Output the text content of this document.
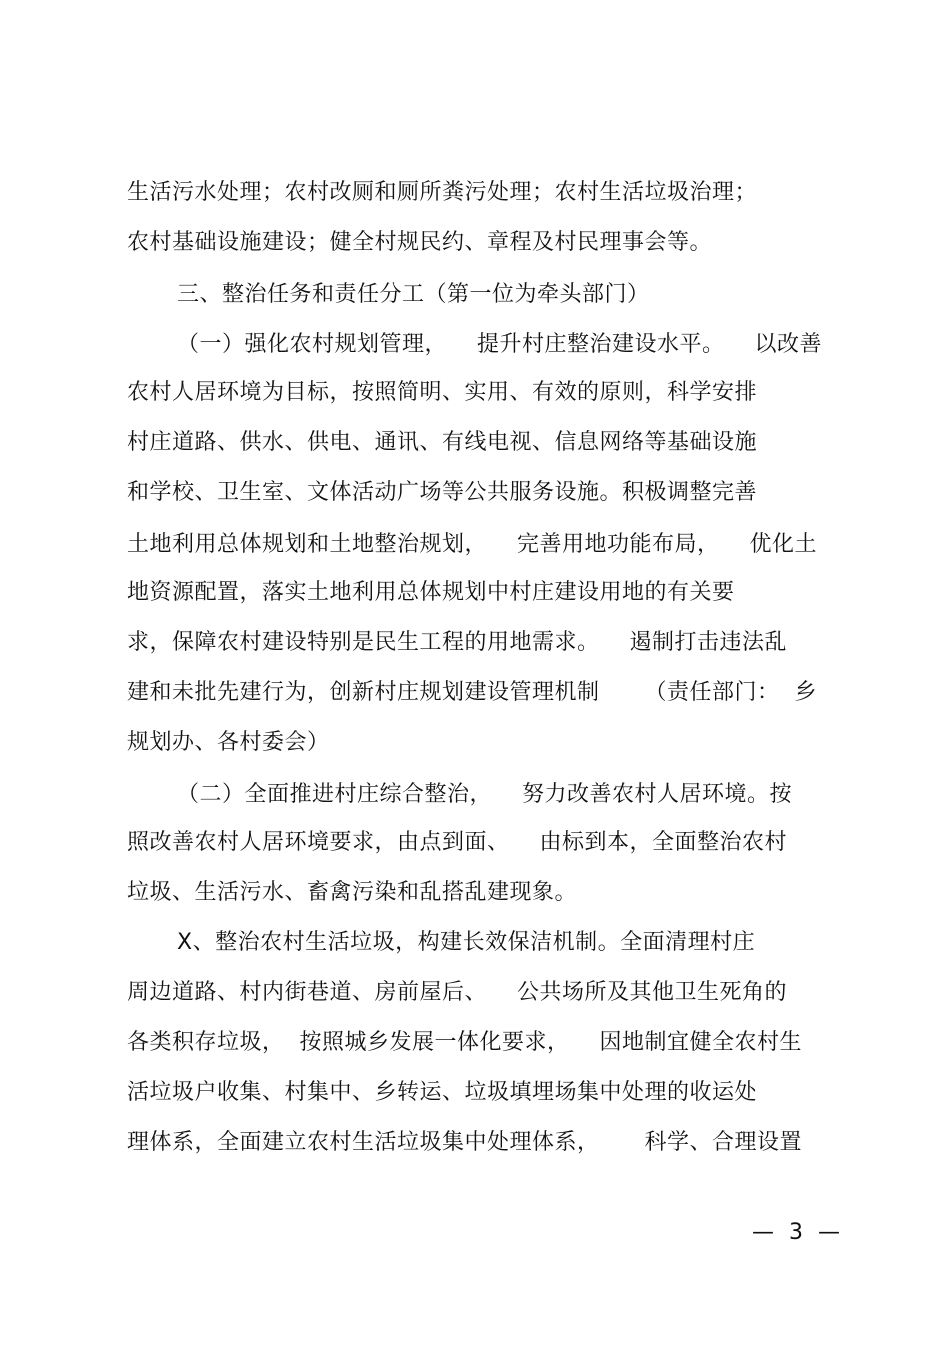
生活污水处理；农村改厕和厕所粪污处理；农村生活垃圾治理；
农村基础设施建设；健全村规民约、章程及村民理事会等。
三、整治任务和责任分工（第一位为牵头部门）
（一）强化农村规划管理，    提升村庄整治建设水平。    以改善
农村人居环境为目标，按照简明、实用、有效的原则，科学安排
村庄道路、供水、供电、通讯、有线电视、信息网络等基础设施
和学校、卫生室、文体活动广场等公共服务设施。积极调整完善
土地利用总体规划和土地整治规划，    完善用地功能布局，    优化土
地资源配置，落实土地利用总体规划中村庄建设用地的有关要
求，保障农村建设特别是民生工程的用地需求。    遏制打击违法乱
建和未批先建行为，创新村庄规划建设管理机制      （责任部门：  乡
规划办、各村委会）
（二）全面推进村庄综合整治，    努力改善农村人居环境。按
照改善农村人居环境要求，由点到面、    由标到本，全面整治农村
垃圾、生活污水、畜禽污染和乱搭乱建现象。
X、整治农村生活垃圾，构建长效保洁机制。全面清理村庄
周边道路、村内街巷道、房前屋后、    公共场所及其他卫生死角的
各类积存垃圾，  按照城乡发展一体化要求，    因地制宜健全农村生
活垃圾户收集、村集中、乡转运、垃圾填埋场集中处理的收运处
理体系，全面建立农村生活垃圾集中处理体系，      科学、合理设置
— 3 —
